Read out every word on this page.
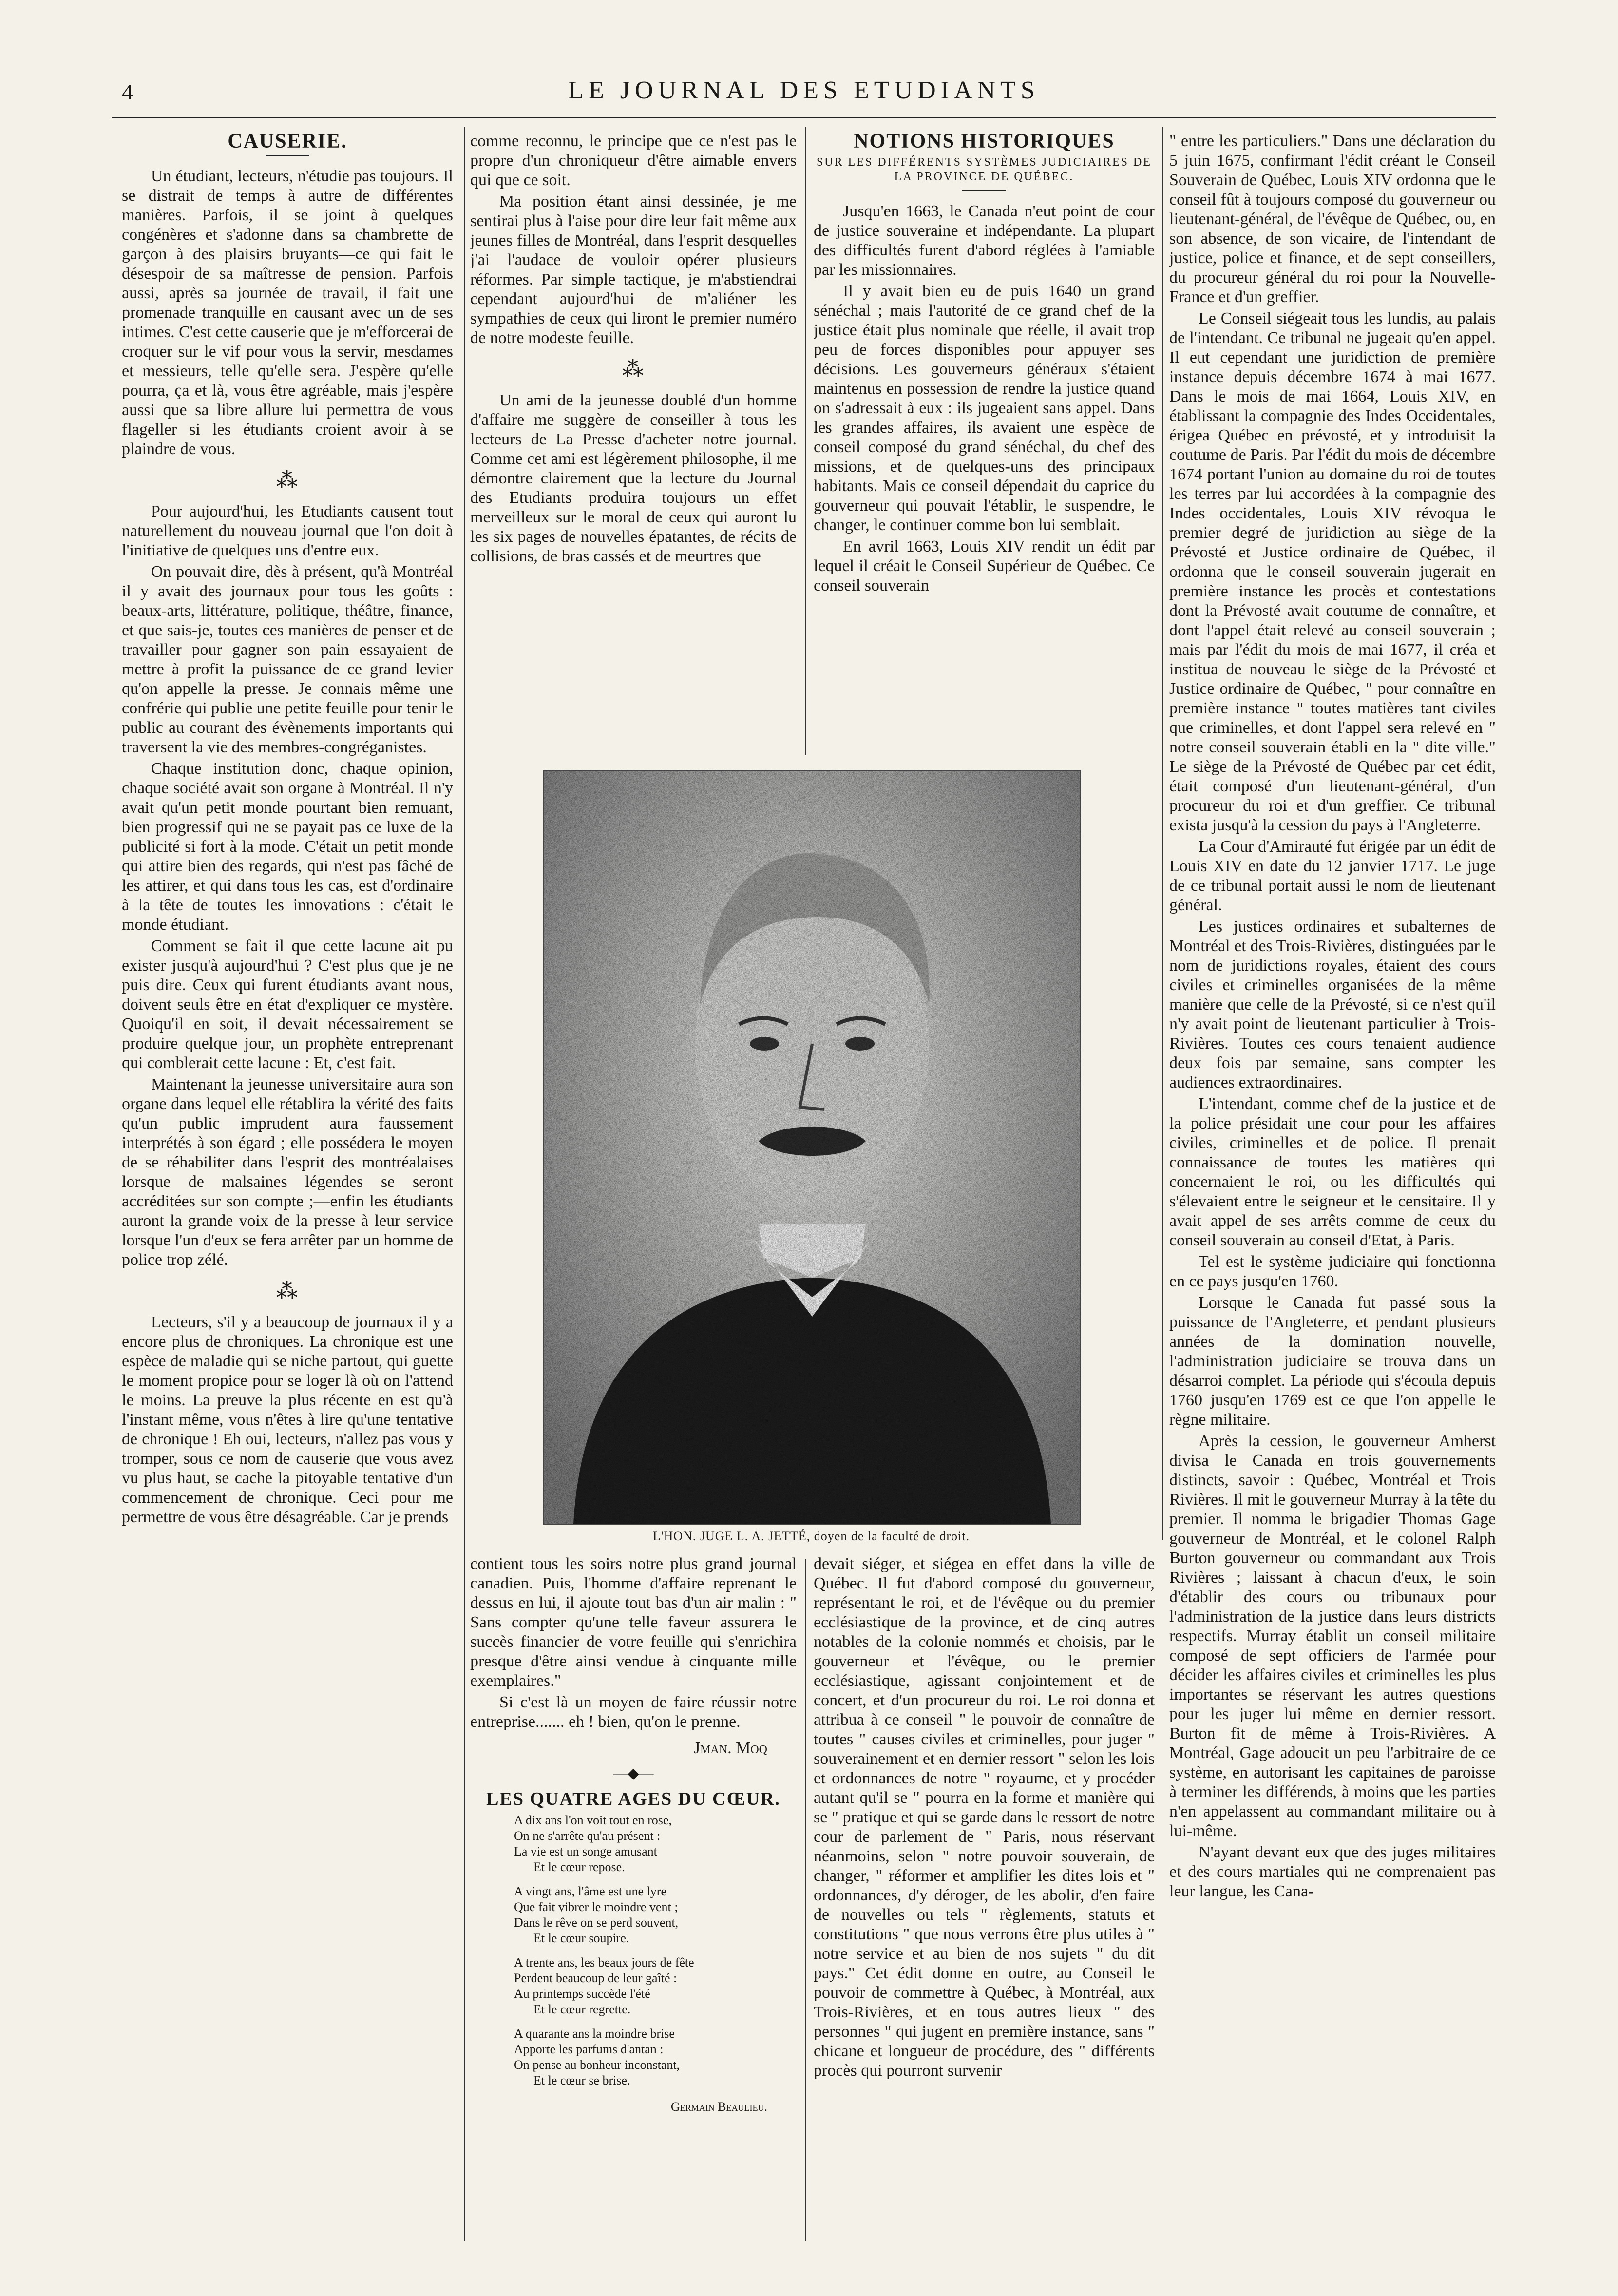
4	LE JOURNAL DES ETUDIANTS
CAUSERIE.

Un étudiant, lecteurs, n'étudie pas toujours. Il se distrait de temps à autre de différentes manières. Parfois, il se joint à quelques congénères et s'adonne dans sa chambrette de garçon à des plaisirs bruyants—ce qui fait le désespoir de sa maîtresse de pension. Parfois aussi, après sa journée de travail, il fait une promenade tranquille en causant avec un de ses intimes. C'est cette causerie que je m'efforcerai de croquer sur le vif pour vous la servir, mesdames et messieurs, telle qu'elle sera. J'espère qu'elle pourra, ça et là, vous être agréable, mais j'espère aussi que sa libre allure lui permettra de vous flageller si les étudiants croient avoir à se plaindre de vous.

⁂

Pour aujourd'hui, les Etudiants causent tout naturellement du nouveau journal que l'on doit à l'initiative de quelques uns d'entre eux.

On pouvait dire, dès à présent, qu'à Montréal il y avait des journaux pour tous les goûts : beaux-arts, littérature, politique, théâtre, finance, et que sais-je, toutes ces manières de penser et de travailler pour gagner son pain essayaient de mettre à profit la puissance de ce grand levier qu'on appelle la presse. Je connais même une confrérie qui publie une petite feuille pour tenir le public au courant des évènements importants qui traversent la vie des membres-congréganistes.

Chaque institution donc, chaque opinion, chaque société avait son organe à Montréal. Il n'y avait qu'un petit monde pourtant bien remuant, bien progressif qui ne se payait pas ce luxe de la publicité si fort à la mode. C'était un petit monde qui attire bien des regards, qui n'est pas fâché de les attirer, et qui dans tous les cas, est d'ordinaire à la tête de toutes les innovations : c'était le monde étudiant.

Comment se fait il que cette lacune ait pu exister jusqu'à aujourd'hui ? C'est plus que je ne puis dire. Ceux qui furent étudiants avant nous, doivent seuls être en état d'expliquer ce mystère. Quoiqu'il en soit, il devait nécessairement se produire quelque jour, un prophète entreprenant qui comblerait cette lacune : Et, c'est fait.

Maintenant la jeunesse universitaire aura son organe dans lequel elle rétablira la vérité des faits qu'un public imprudent aura faussement interprétés à son égard ; elle possédera le moyen de se réhabiliter dans l'esprit des montréalaises lorsque de malsaines légendes se seront accréditées sur son compte ;—enfin les étudiants auront la grande voix de la presse à leur service lorsque l'un d'eux se fera arrêter par un homme de police trop zélé.

⁂

Lecteurs, s'il y a beaucoup de journaux il y a encore plus de chroniques. La chronique est une espèce de maladie qui se niche partout, qui guette le moment propice pour se loger là où on l'attend le moins. La preuve la plus récente en est qu'à l'instant même, vous n'êtes à lire qu'une tentative de chronique ! Eh oui, lecteurs, n'allez pas vous y tromper, sous ce nom de causerie que vous avez vu plus haut, se cache la pitoyable tentative d'un commencement de chronique. Ceci pour me permettre de vous être désagréable. Car je prends

comme reconnu, le principe que ce n'est pas le propre d'un chroniqueur d'être aimable envers qui que ce soit.

Ma position étant ainsi dessinée, je me sentirai plus à l'aise pour dire leur fait même aux jeunes filles de Montréal, dans l'esprit desquelles j'ai l'audace de vouloir opérer plusieurs réformes. Par simple tactique, je m'abstiendrai cependant aujourd'hui de m'aliéner les sympathies de ceux qui liront le premier numéro de notre modeste feuille.

⁂

Un ami de la jeunesse doublé d'un homme d'affaire me suggère de conseiller à tous les lecteurs de La Presse d'acheter notre journal. Comme cet ami est légèrement philosophe, il me démontre clairement que la lecture du Journal des Etudiants produira toujours un effet merveilleux sur le moral de ceux qui auront lu les six pages de nouvelles épatantes, de récits de collisions, de bras cassés et de meurtres que

NOTIONS HISTORIQUES
SUR LES DIFFÉRENTS SYSTÈMES JUDICIAIRES DE LA PROVINCE DE QUÉBEC.

Jusqu'en 1663, le Canada n'eut point de cour de justice souveraine et indépendante. La plupart des difficultés furent d'abord réglées à l'amiable par les missionnaires.

Il y avait bien eu de puis 1640 un grand sénéchal ; mais l'autorité de ce grand chef de la justice était plus nominale que réelle, il avait trop peu de forces disponibles pour appuyer ses décisions. Les gouverneurs généraux s'étaient maintenus en possession de rendre la justice quand on s'adressait à eux : ils jugeaient sans appel. Dans les grandes affaires, ils avaient une espèce de conseil composé du grand sénéchal, du chef des missions, et de quelques-uns des principaux habitants. Mais ce conseil dépendait du caprice du gouverneur qui pouvait l'établir, le suspendre, le changer, le continuer comme bon lui semblait.

En avril 1663, Louis XIV rendit un édit par lequel il créait le Conseil Supérieur de Québec. Ce conseil souverain

L'HON. JUGE L. A. JETTÉ, doyen de la faculté de droit.

contient tous les soirs notre plus grand journal canadien. Puis, l'homme d'affaire reprenant le dessus en lui, il ajoute tout bas d'un air malin : " Sans compter qu'une telle faveur assurera le succès financier de votre feuille qui s'enrichira presque d'être ainsi vendue à cinquante mille exemplaires."

Si c'est là un moyen de faire réussir notre entreprise....... eh ! bien, qu'on le prenne.

Jman. Moq
—◆—
LES QUATRE AGES DU CŒUR.
A dix ans l'on voit tout en rose,
On ne s'arrête qu'au présent :
La vie est un songe amusant
Et le cœur repose.
A vingt ans, l'âme est une lyre
Que fait vibrer le moindre vent ;
Dans le rêve on se perd souvent,
Et le cœur soupire.
A trente ans, les beaux jours de fête
Perdent beaucoup de leur gaîté :
Au printemps succède l'été
Et le cœur regrette.
A quarante ans la moindre brise
Apporte les parfums d'antan :
On pense au bonheur inconstant,
Et le cœur se brise.
Germain Beaulieu.

devait siéger, et siégea en effet dans la ville de Québec. Il fut d'abord composé du gouverneur, représentant le roi, et de l'évêque ou du premier ecclésiastique de la province, et de cinq autres notables de la colonie nommés et choisis, par le gouverneur et l'évêque, ou le premier ecclésiastique, agissant conjointement et de concert, et d'un procureur du roi. Le roi donna et attribua à ce conseil " le pouvoir de connaître de toutes " causes civiles et criminelles, pour juger " souverainement et en dernier ressort " selon les lois et ordonnances de notre " royaume, et y procéder autant qu'il se " pourra en la forme et manière qui se " pratique et qui se garde dans le ressort de notre cour de parlement de " Paris, nous réservant néanmoins, selon " notre pouvoir souverain, de changer, " réformer et amplifier les dites lois et " ordonnances, d'y déroger, de les abolir, d'en faire de nouvelles ou tels " règlements, statuts et constitutions " que nous verrons être plus utiles à " notre service et au bien de nos sujets " du dit pays." Cet édit donne en outre, au Conseil le pouvoir de commettre à Québec, à Montréal, aux Trois-Rivières, et en tous autres lieux " des personnes " qui jugent en première instance, sans " chicane et longueur de procédure, des " différents procès qui pourront survenir

" entre les particuliers." Dans une déclaration du 5 juin 1675, confirmant l'édit créant le Conseil Souverain de Québec, Louis XIV ordonna que le conseil fût à toujours composé du gouverneur ou lieutenant-général, de l'évêque de Québec, ou, en son absence, de son vicaire, de l'intendant de justice, police et finance, et de sept conseillers, du procureur général du roi pour la Nouvelle-France et d'un greffier.

Le Conseil siégeait tous les lundis, au palais de l'intendant. Ce tribunal ne jugeait qu'en appel. Il eut cependant une juridiction de première instance depuis décembre 1674 à mai 1677. Dans le mois de mai 1664, Louis XIV, en établissant la compagnie des Indes Occidentales, érigea Québec en prévosté, et y introduisit la coutume de Paris. Par l'édit du mois de décembre 1674 portant l'union au domaine du roi de toutes les terres par lui accordées à la compagnie des Indes occidentales, Louis XIV révoqua le premier degré de juridiction au siège de la Prévosté et Justice ordinaire de Québec, il ordonna que le conseil souverain jugerait en première instance les procès et contestations dont la Prévosté avait coutume de connaître, et dont l'appel était relevé au conseil souverain ; mais par l'édit du mois de mai 1677, il créa et institua de nouveau le siège de la Prévosté et Justice ordinaire de Québec, " pour connaître en première instance " toutes matières tant civiles que criminelles, et dont l'appel sera relevé en " notre conseil souverain établi en la " dite ville." Le siège de la Prévosté de Québec par cet édit, était composé d'un lieutenant-général, d'un procureur du roi et d'un greffier. Ce tribunal exista jusqu'à la cession du pays à l'Angleterre.

La Cour d'Amirauté fut érigée par un édit de Louis XIV en date du 12 janvier 1717. Le juge de ce tribunal portait aussi le nom de lieutenant général.

Les justices ordinaires et subalternes de Montréal et des Trois-Rivières, distinguées par le nom de juridictions royales, étaient des cours civiles et criminelles organisées de la même manière que celle de la Prévosté, si ce n'est qu'il n'y avait point de lieutenant particulier à Trois-Rivières. Toutes ces cours tenaient audience deux fois par semaine, sans compter les audiences extraordinaires.

L'intendant, comme chef de la justice et de la police présidait une cour pour les affaires civiles, criminelles et de police. Il prenait connaissance de toutes les matières qui concernaient le roi, ou les difficultés qui s'élevaient entre le seigneur et le censitaire. Il y avait appel de ses arrêts comme de ceux du conseil souverain au conseil d'Etat, à Paris.

Tel est le système judiciaire qui fonctionna en ce pays jusqu'en 1760.

Lorsque le Canada fut passé sous la puissance de l'Angleterre, et pendant plusieurs années de la domination nouvelle, l'administration judiciaire se trouva dans un désarroi complet. La période qui s'écoula depuis 1760 jusqu'en 1769 est ce que l'on appelle le règne militaire.

Après la cession, le gouverneur Amherst divisa le Canada en trois gouvernements distincts, savoir : Québec, Montréal et Trois Rivières. Il mit le gouverneur Murray à la tête du premier. Il nomma le brigadier Thomas Gage gouverneur de Montréal, et le colonel Ralph Burton gouverneur ou commandant aux Trois Rivières ; laissant à chacun d'eux, le soin d'établir des cours ou tribunaux pour l'administration de la justice dans leurs districts respectifs. Murray établit un conseil militaire composé de sept officiers de l'armée pour décider les affaires civiles et criminelles les plus importantes se réservant les autres questions pour les juger lui même en dernier ressort. Burton fit de même à Trois-Rivières. A Montréal, Gage adoucit un peu l'arbitraire de ce système, en autorisant les capitaines de paroisse à terminer les différends, à moins que les parties n'en appelassent au commandant militaire ou à lui-même.

N'ayant devant eux que des juges militaires et des cours martiales qui ne comprenaient pas leur langue, les Cana-
